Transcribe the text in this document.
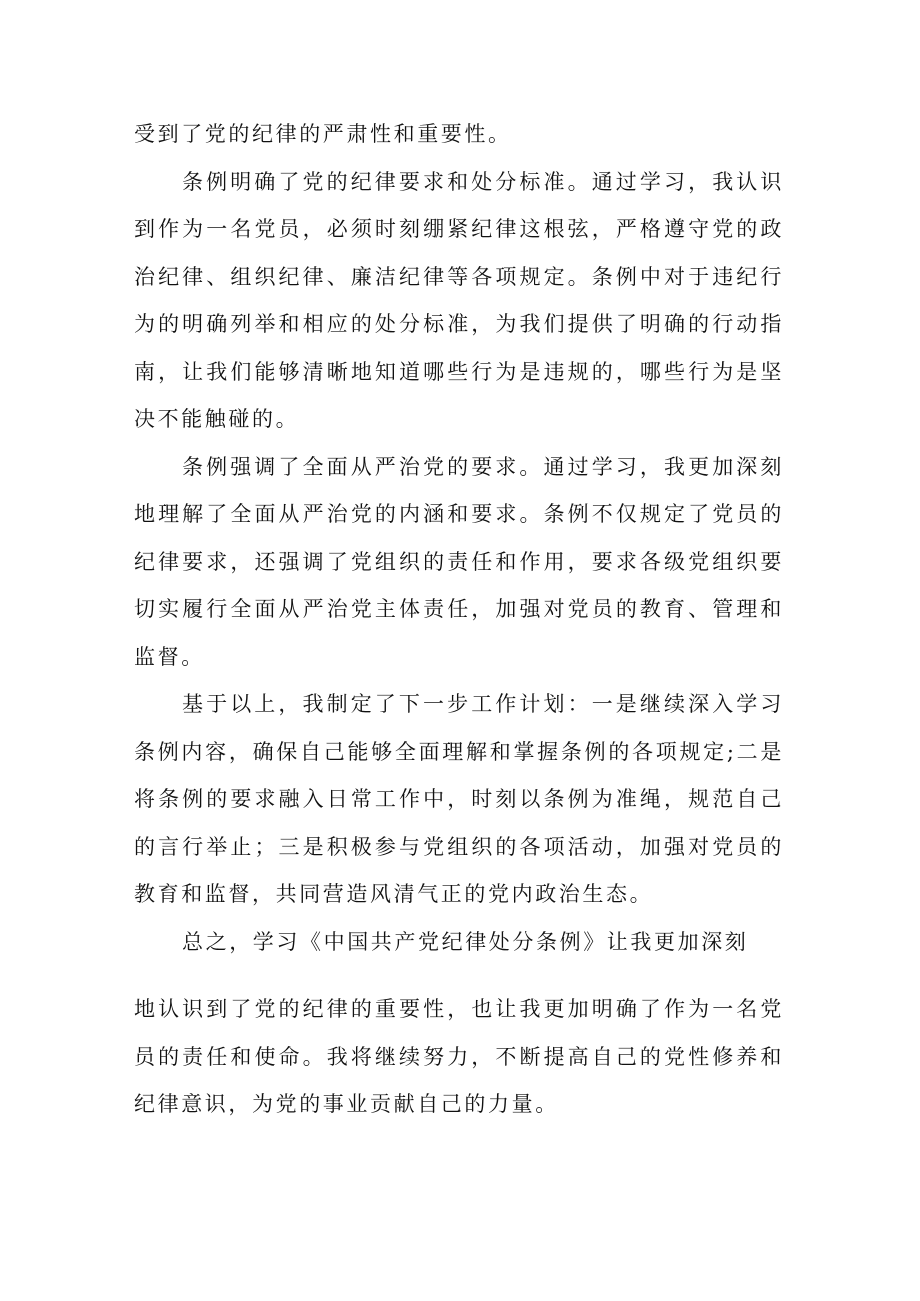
受到了党的纪律的严肃性和重要性。

条例明确了党的纪律要求和处分标准。通过学习，我认识到作为一名党员，必须时刻绷紧纪律这根弦，严格遵守党的政治纪律、组织纪律、廉洁纪律等各项规定。条例中对于违纪行为的明确列举和相应的处分标准，为我们提供了明确的行动指南，让我们能够清晰地知道哪些行为是违规的，哪些行为是坚决不能触碰的。

条例强调了全面从严治党的要求。通过学习，我更加深刻地理解了全面从严治党的内涵和要求。条例不仅规定了党员的纪律要求，还强调了党组织的责任和作用，要求各级党组织要切实履行全面从严治党主体责任，加强对党员的教育、管理和监督。

基于以上，我制定了下一步工作计划：一是继续深入学习条例内容，确保自己能够全面理解和掌握条例的各项规定;二是将条例的要求融入日常工作中，时刻以条例为准绳，规范自己的言行举止；三是积极参与党组织的各项活动，加强对党员的教育和监督，共同营造风清气正的党内政治生态。

总之，学习《中国共产党纪律处分条例》让我更加深刻

地认识到了党的纪律的重要性，也让我更加明确了作为一名党员的责任和使命。我将继续努力，不断提高自己的党性修养和纪律意识，为党的事业贡献自己的力量。
